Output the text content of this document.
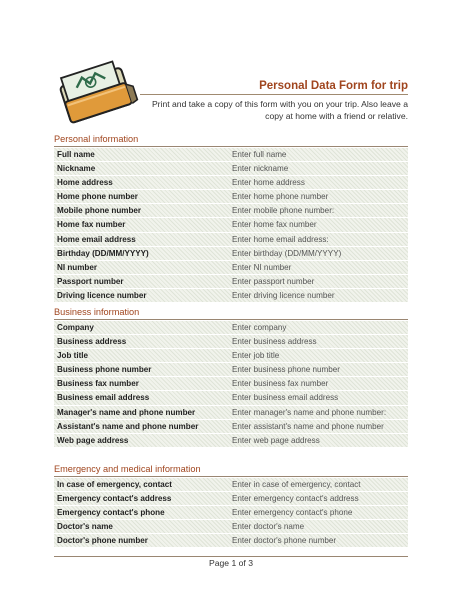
Personal Data Form for trip
Print and take a copy of this form with you on your trip. Also leave a copy at home with a friend or relative.
Personal information
Full name	Enter full name
Nickname	Enter nickname
Home address	Enter home address
Home phone number	Enter home phone number
Mobile phone number	Enter mobile phone number:
Home fax number	Enter home fax number
Home email address	Enter home email address:
Birthday (DD/MM/YYYY)	Enter birthday (DD/MM/YYYY)
NI number	Enter NI number
Passport number	Enter passport number
Driving licence number	Enter driving licence number
Business information
Company	Enter company
Business address	Enter business address
Job title	Enter job title
Business phone number	Enter business phone number
Business fax number	Enter business fax number
Business email address	Enter business email address
Manager's name and phone number	Enter manager's name and phone number:
Assistant's name and phone number	Enter assistant's name and phone number
Web page address	Enter web page address
Emergency and medical information
In case of emergency, contact	Enter in case of emergency, contact
Emergency contact's address	Enter emergency contact's address
Emergency contact's phone	Enter emergency contact's phone
Doctor's name	Enter doctor's name
Doctor's phone number	Enter doctor's phone number
Page 1 of 3
